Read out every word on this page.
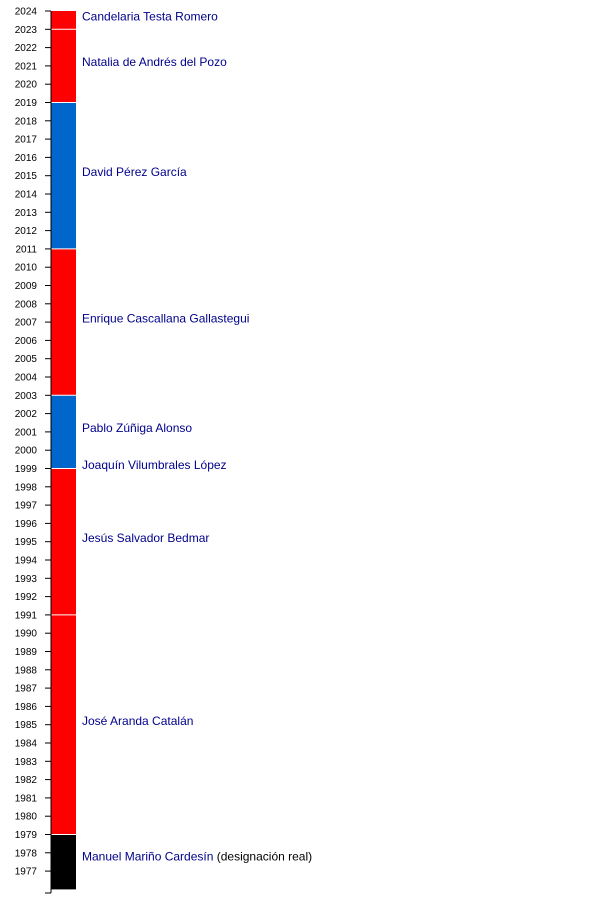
2024
2023
2022
2021
2020
2019
2018
2017
2016
2015
2014
2013
2012
2011
2010
2009
2008
2007
2006
2005
2004
2003
2002
2001
2000
1999
1998
1997
1996
1995
1994
1993
1992
1991
1990
1989
1988
1987
1986
1985
1984
1983
1982
1981
1980
1979
1978
1977
Candelaria Testa Romero
Natalia de Andrés del Pozo
David Pérez García
Enrique Cascallana Gallastegui
Pablo Zúñiga Alonso
Joaquín Vilumbrales López
Jesús Salvador Bedmar
José Aranda Catalán
Manuel Mariño Cardesín (designación real)
